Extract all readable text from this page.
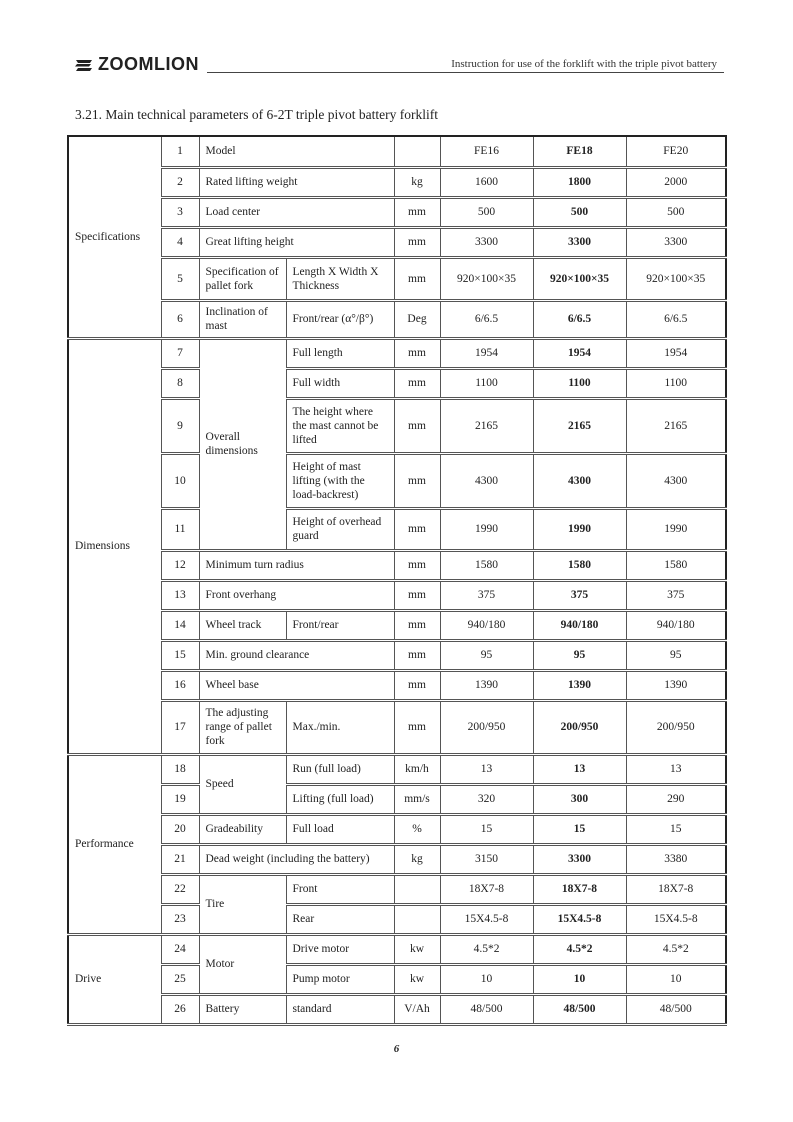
ZOOMLION	Instruction for use of the forklift with the triple pivot battery
3.21. Main technical parameters of 6-2T triple pivot battery forklift
Specifications	1	Model			FE16	FE18	FE20
	2	Rated lifting weight		kg	1600	1800	2000
	3	Load center		mm	500	500	500
	4	Great lifting height		mm	3300	3300	3300
	5	Specification of pallet fork	Length X Width X Thickness	mm	920×100×35	920×100×35	920×100×35
	6	Inclination of mast	Front/rear (α°/β°)	Deg	6/6.5	6/6.5	6/6.5
Dimensions	7	Overall dimensions	Full length	mm	1954	1954	1954
	8		Full width	mm	1100	1100	1100
	9		The height where the mast cannot be lifted	mm	2165	2165	2165
	10		Height of mast lifting (with the load-backrest)	mm	4300	4300	4300
	11		Height of overhead guard	mm	1990	1990	1990
	12	Minimum turn radius		mm	1580	1580	1580
	13	Front overhang		mm	375	375	375
	14	Wheel track	Front/rear	mm	940/180	940/180	940/180
	15	Min. ground clearance		mm	95	95	95
	16	Wheel base		mm	1390	1390	1390
	17	The adjusting range of pallet fork	Max./min.	mm	200/950	200/950	200/950
Performance	18	Speed	Run (full load)	km/h	13	13	13
	19		Lifting (full load)	mm/s	320	300	290
	20	Gradeability	Full load	%	15	15	15
	21	Dead weight (including the battery)		kg	3150	3300	3380
	22	Tire	Front		18X7-8	18X7-8	18X7-8
	23		Rear		15X4.5-8	15X4.5-8	15X4.5-8
Drive	24	Motor	Drive motor	kw	4.5*2	4.5*2	4.5*2
	25		Pump motor	kw	10	10	10
	26	Battery	standard	V/Ah	48/500	48/500	48/500
6
